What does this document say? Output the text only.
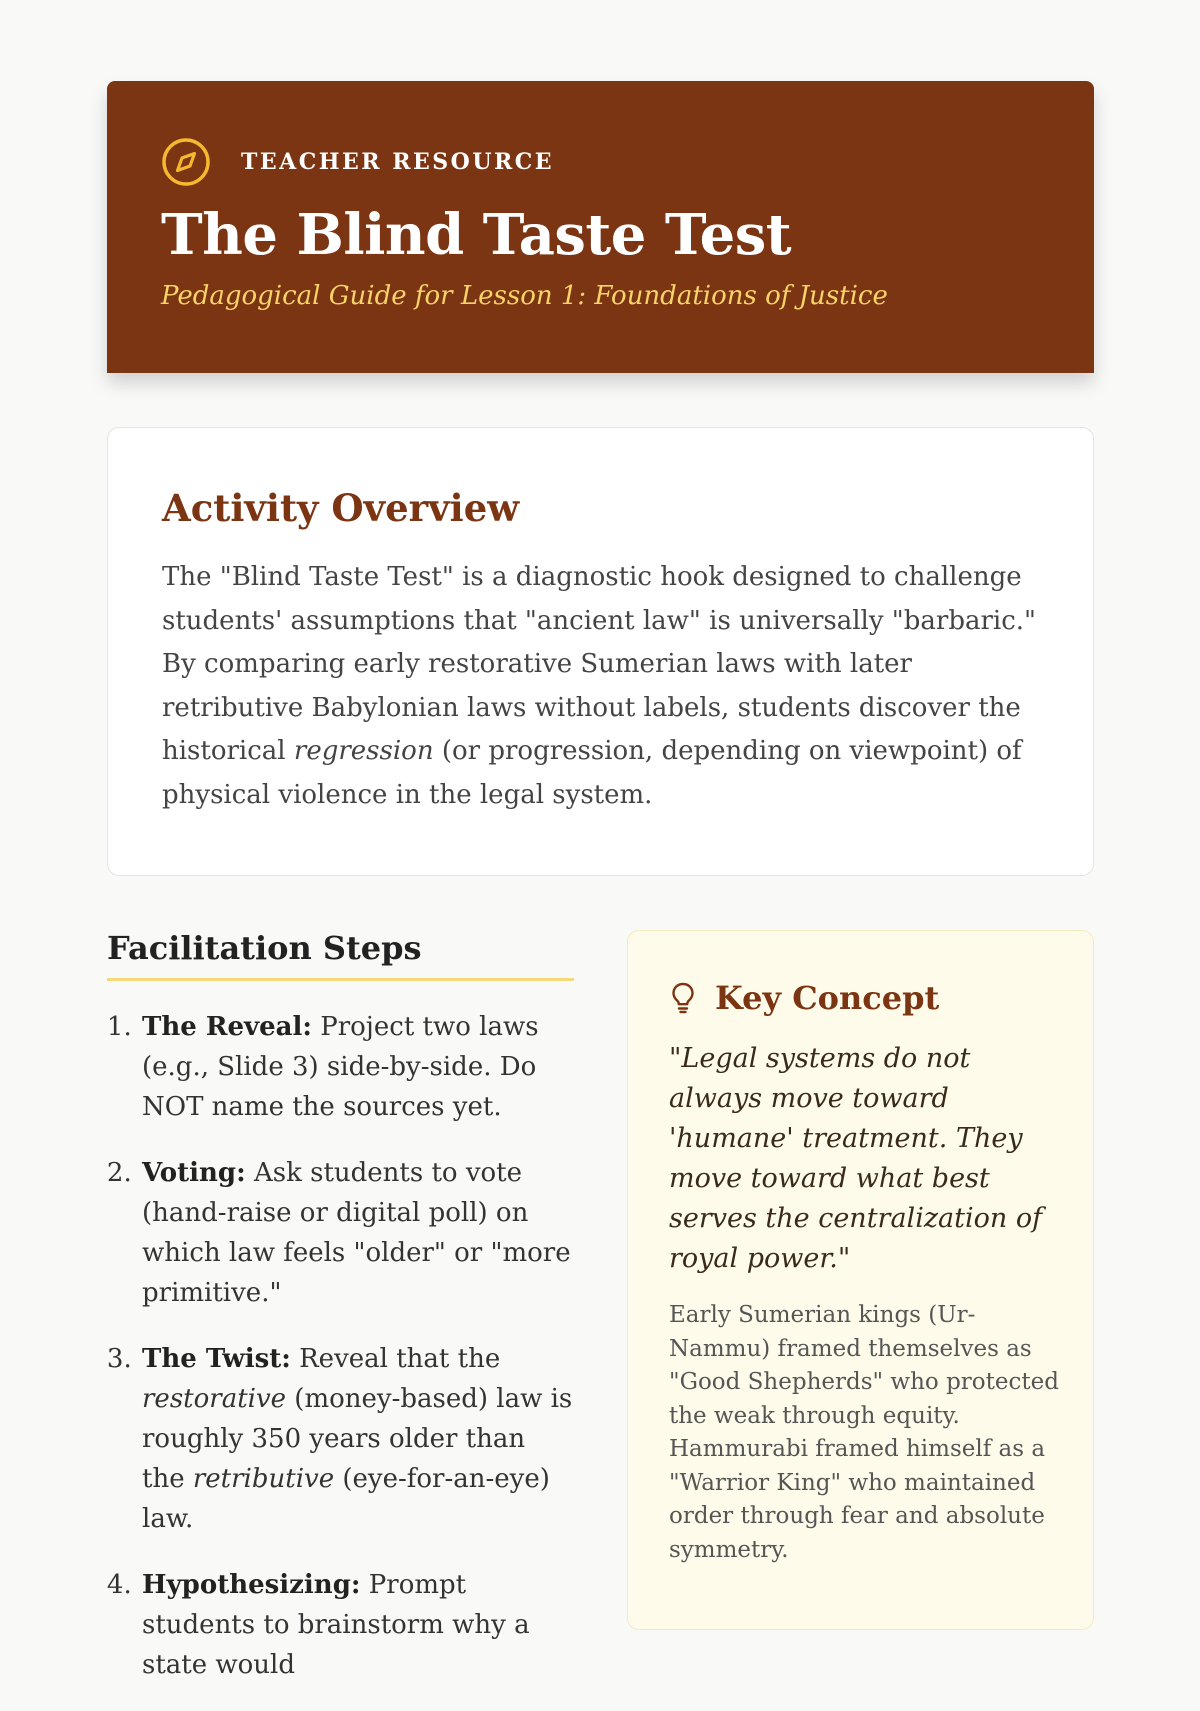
TEACHER RESOURCE
The Blind Taste Test
Pedagogical Guide for Lesson 1: Foundations of Justice
Activity Overview

The "Blind Taste Test" is a diagnostic hook designed to challenge students' assumptions that "ancient law" is universally "barbaric." By comparing early restorative Sumerian laws with later retributive Babylonian laws without labels, students discover the historical regression (or progression, depending on viewpoint) of physical violence in the legal system.

Facilitation Steps
1. The Reveal: Project two laws (e.g., Slide 3) side-by-side. Do NOT name the sources yet.
2. Voting: Ask students to vote (hand-raise or digital poll) on which law feels "older" or "more primitive."
3. The Twist: Reveal that the restorative (money-based) law is roughly 350 years older than the retributive (eye-for-an-eye) law.
4. Hypothesizing: Prompt students to brainstorm why a state would
Key Concept
"Legal systems do not always move toward 'humane' treatment. They move toward what best serves the centralization of royal power."
Early Sumerian kings (Ur-Nammu) framed themselves as "Good Shepherds" who protected the weak through equity. Hammurabi framed himself as a "Warrior King" who maintained order through fear and absolute symmetry.
